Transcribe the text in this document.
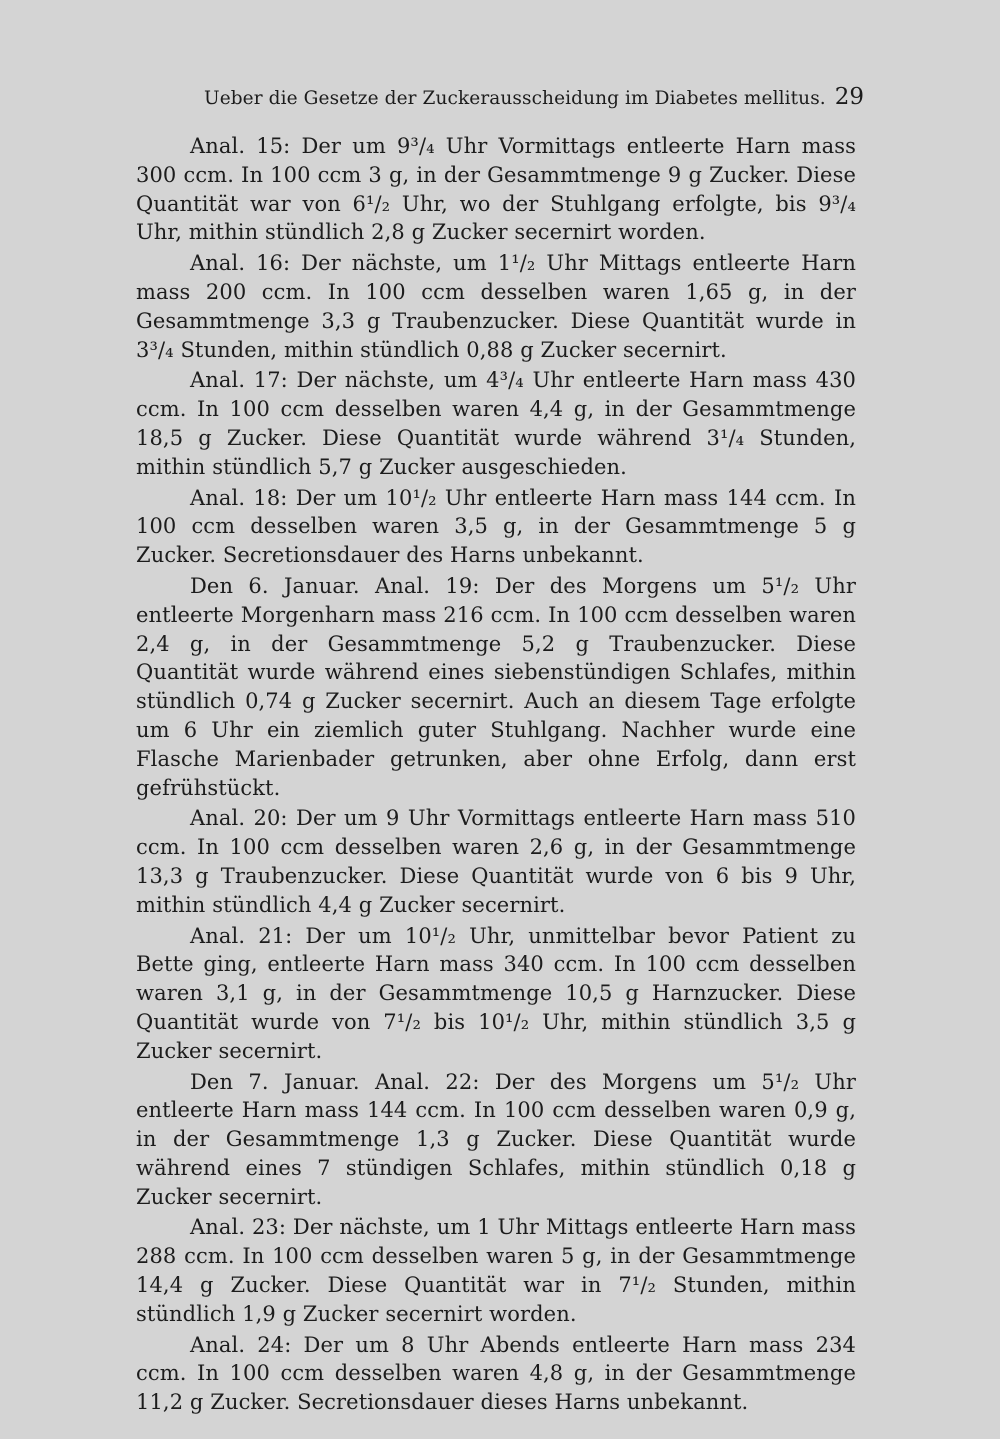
Ueber die Gesetze der Zuckerausscheidung im Diabetes mellitus. 29

Anal. 15: Der um 9³/₄ Uhr Vormittags entleerte Harn mass 300 ccm. In 100 ccm 3 g, in der Gesammtmenge 9 g Zucker. Diese Quantität war von 6¹/₂ Uhr, wo der Stuhlgang erfolgte, bis 9³/₄ Uhr, mithin stündlich 2,8 g Zucker secernirt worden.

Anal. 16: Der nächste, um 1¹/₂ Uhr Mittags entleerte Harn mass 200 ccm. In 100 ccm desselben waren 1,65 g, in der Gesammtmenge 3,3 g Traubenzucker. Diese Quantität wurde in 3³/₄ Stunden, mithin stündlich 0,88 g Zucker secernirt.

Anal. 17: Der nächste, um 4³/₄ Uhr entleerte Harn mass 430 ccm. In 100 ccm desselben waren 4,4 g, in der Gesammtmenge 18,5 g Zucker. Diese Quantität wurde während 3¹/₄ Stunden, mithin stündlich 5,7 g Zucker ausgeschieden.

Anal. 18: Der um 10¹/₂ Uhr entleerte Harn mass 144 ccm. In 100 ccm desselben waren 3,5 g, in der Gesammtmenge 5 g Zucker. Secretionsdauer des Harns unbekannt.

Den 6. Januar. Anal. 19: Der des Morgens um 5¹/₂ Uhr entleerte Morgenharn mass 216 ccm. In 100 ccm desselben waren 2,4 g, in der Gesammtmenge 5,2 g Traubenzucker. Diese Quantität wurde während eines siebenstündigen Schlafes, mithin stündlich 0,74 g Zucker secernirt. Auch an diesem Tage erfolgte um 6 Uhr ein ziemlich guter Stuhlgang. Nachher wurde eine Flasche Marienbader getrunken, aber ohne Erfolg, dann erst gefrühstückt.

Anal. 20: Der um 9 Uhr Vormittags entleerte Harn mass 510 ccm. In 100 ccm desselben waren 2,6 g, in der Gesammtmenge 13,3 g Traubenzucker. Diese Quantität wurde von 6 bis 9 Uhr, mithin stündlich 4,4 g Zucker secernirt.

Anal. 21: Der um 10¹/₂ Uhr, unmittelbar bevor Patient zu Bette ging, entleerte Harn mass 340 ccm. In 100 ccm desselben waren 3,1 g, in der Gesammtmenge 10,5 g Harnzucker. Diese Quantität wurde von 7¹/₂ bis 10¹/₂ Uhr, mithin stündlich 3,5 g Zucker secernirt.

Den 7. Januar. Anal. 22: Der des Morgens um 5¹/₂ Uhr entleerte Harn mass 144 ccm. In 100 ccm desselben waren 0,9 g, in der Gesammtmenge 1,3 g Zucker. Diese Quantität wurde während eines 7 stündigen Schlafes, mithin stündlich 0,18 g Zucker secernirt.

Anal. 23: Der nächste, um 1 Uhr Mittags entleerte Harn mass 288 ccm. In 100 ccm desselben waren 5 g, in der Gesammtmenge 14,4 g Zucker. Diese Quantität war in 7¹/₂ Stunden, mithin stündlich 1,9 g Zucker secernirt worden.

Anal. 24: Der um 8 Uhr Abends entleerte Harn mass 234 ccm. In 100 ccm desselben waren 4,8 g, in der Gesammtmenge 11,2 g Zucker. Secretionsdauer dieses Harns unbekannt.
